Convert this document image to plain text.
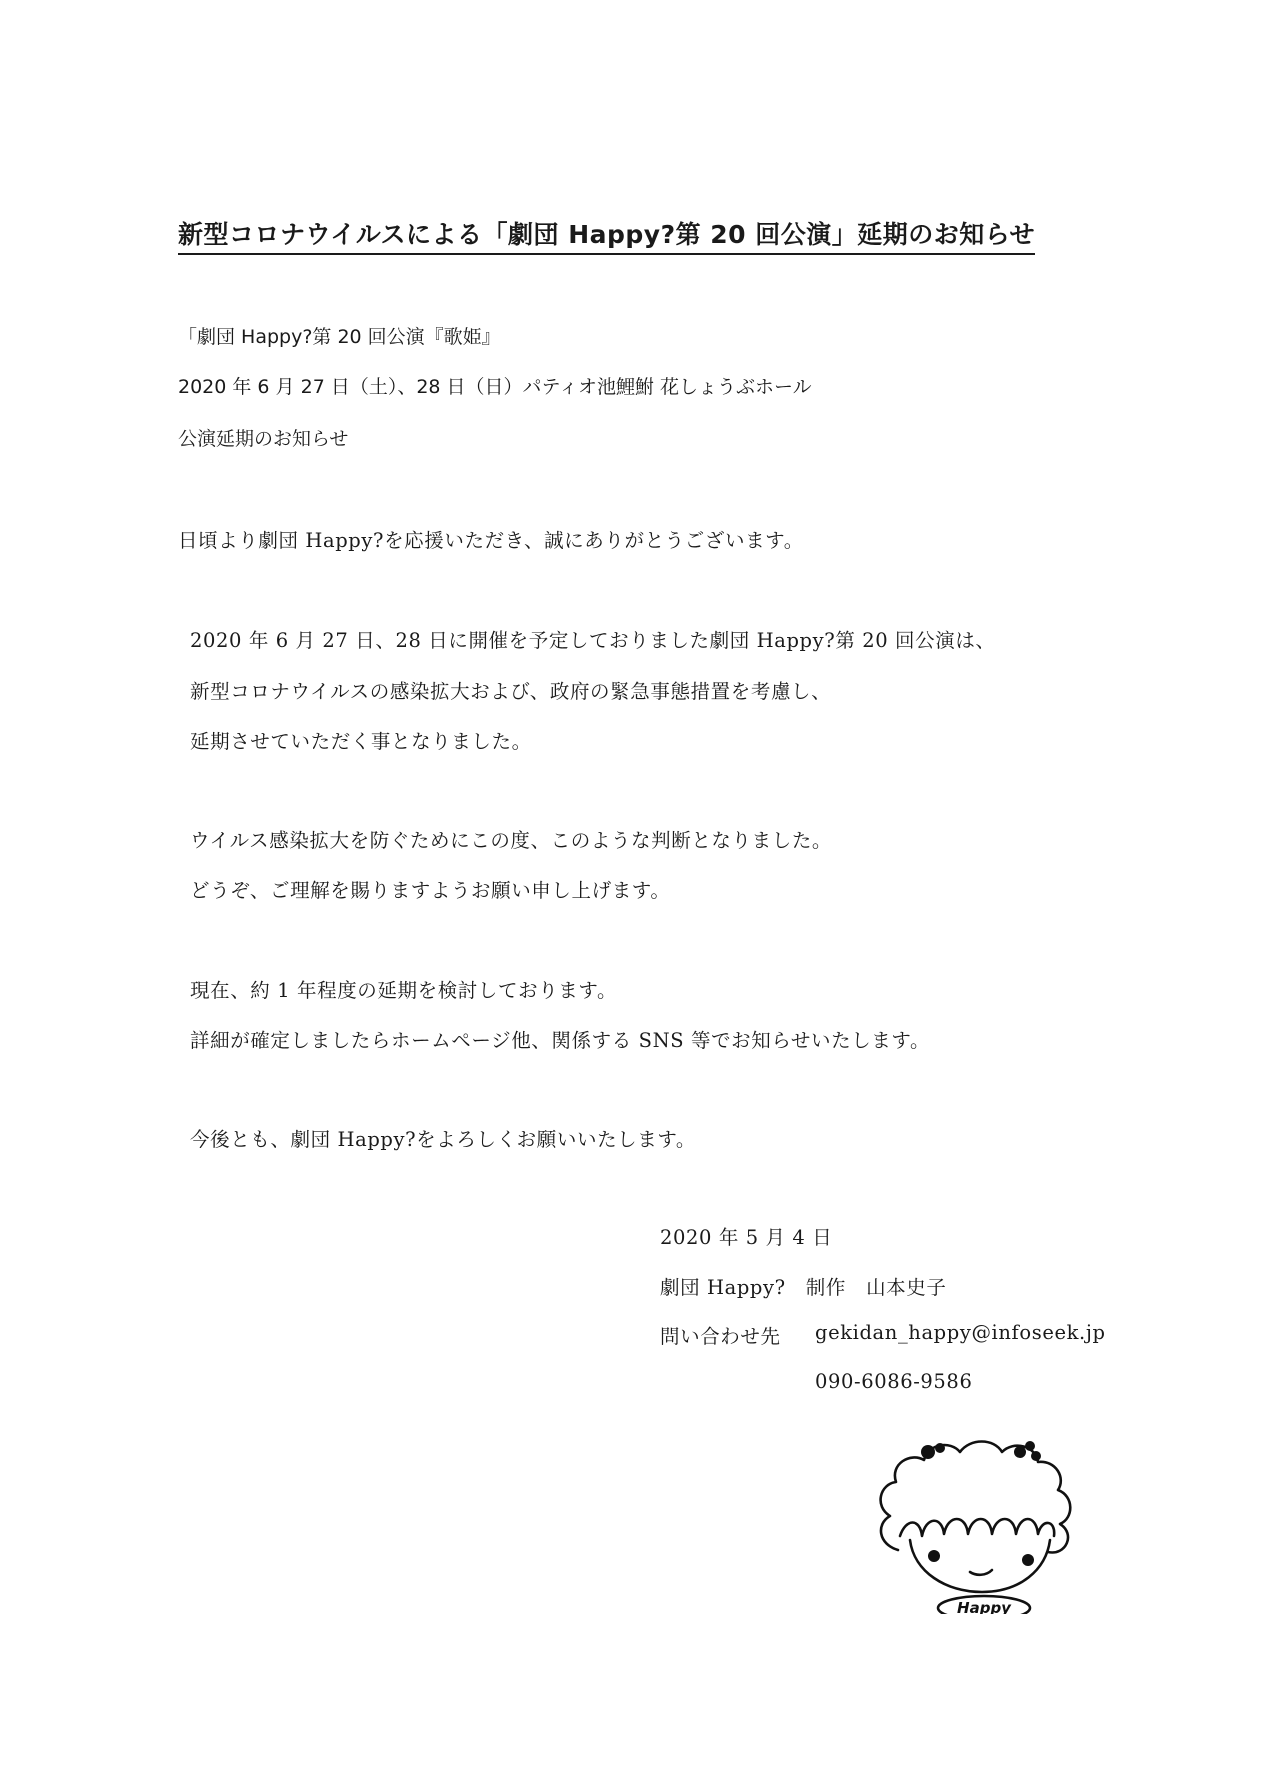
新型コロナウイルスによる「劇団 Happy?第 20 回公演」延期のお知らせ
「劇団 Happy?第 20 回公演『歌姫』
2020 年 6 月 27 日（土）、28 日（日）パティオ池鯉鮒 花しょうぶホール
公演延期のお知らせ
日頃より劇団 Happy?を応援いただき、誠にありがとうございます。
2020 年 6 月 27 日、28 日に開催を予定しておりました劇団 Happy?第 20 回公演は、
新型コロナウイルスの感染拡大および、政府の緊急事態措置を考慮し、
延期させていただく事となりました。
ウイルス感染拡大を防ぐためにこの度、このような判断となりました。
どうぞ、ご理解を賜りますようお願い申し上げます。
現在、約 1 年程度の延期を検討しております。
詳細が確定しましたらホームページ他、関係する SNS 等でお知らせいたします。
今後とも、劇団 Happy?をよろしくお願いいたします。
2020 年 5 月 4 日
劇団 Happy?　制作　山本史子
問い合わせ先 gekidan_happy@infoseek.jp
090-6086-9586
Happy
